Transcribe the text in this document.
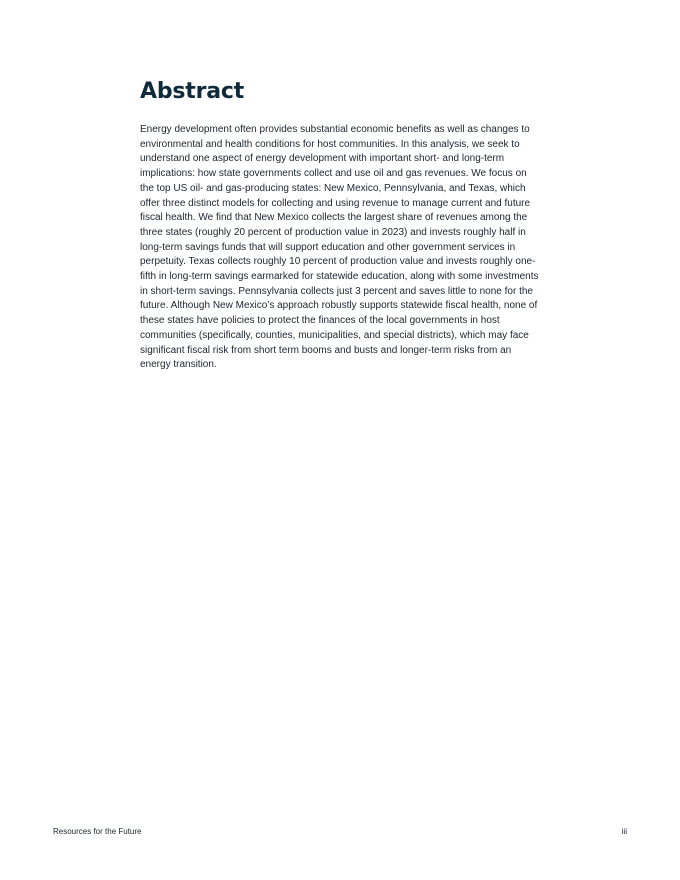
Abstract

Energy development often provides substantial economic benefits as well as changes to environmental and health conditions for host communities. In this analysis, we seek to understand one aspect of energy development with important short- and long-term implications: how state governments collect and use oil and gas revenues. We focus on the top US oil- and gas-producing states: New Mexico, Pennsylvania, and Texas, which offer three distinct models for collecting and using revenue to manage current and future fiscal health. We find that New Mexico collects the largest share of revenues among the three states (roughly 20 percent of production value in 2023) and invests roughly half in long-term savings funds that will support education and other government services in perpetuity. Texas collects roughly 10 percent of production value and invests roughly one-fifth in long-term savings earmarked for statewide education, along with some investments in short-term savings. Pennsylvania collects just 3 percent and saves little to none for the future. Although New Mexico’s approach robustly supports statewide fiscal health, none of these states have policies to protect the finances of the local governments in host communities (specifically, counties, municipalities, and special districts), which may face significant fiscal risk from short term booms and busts and longer-term risks from an energy transition.

Resources for the Future	iii
